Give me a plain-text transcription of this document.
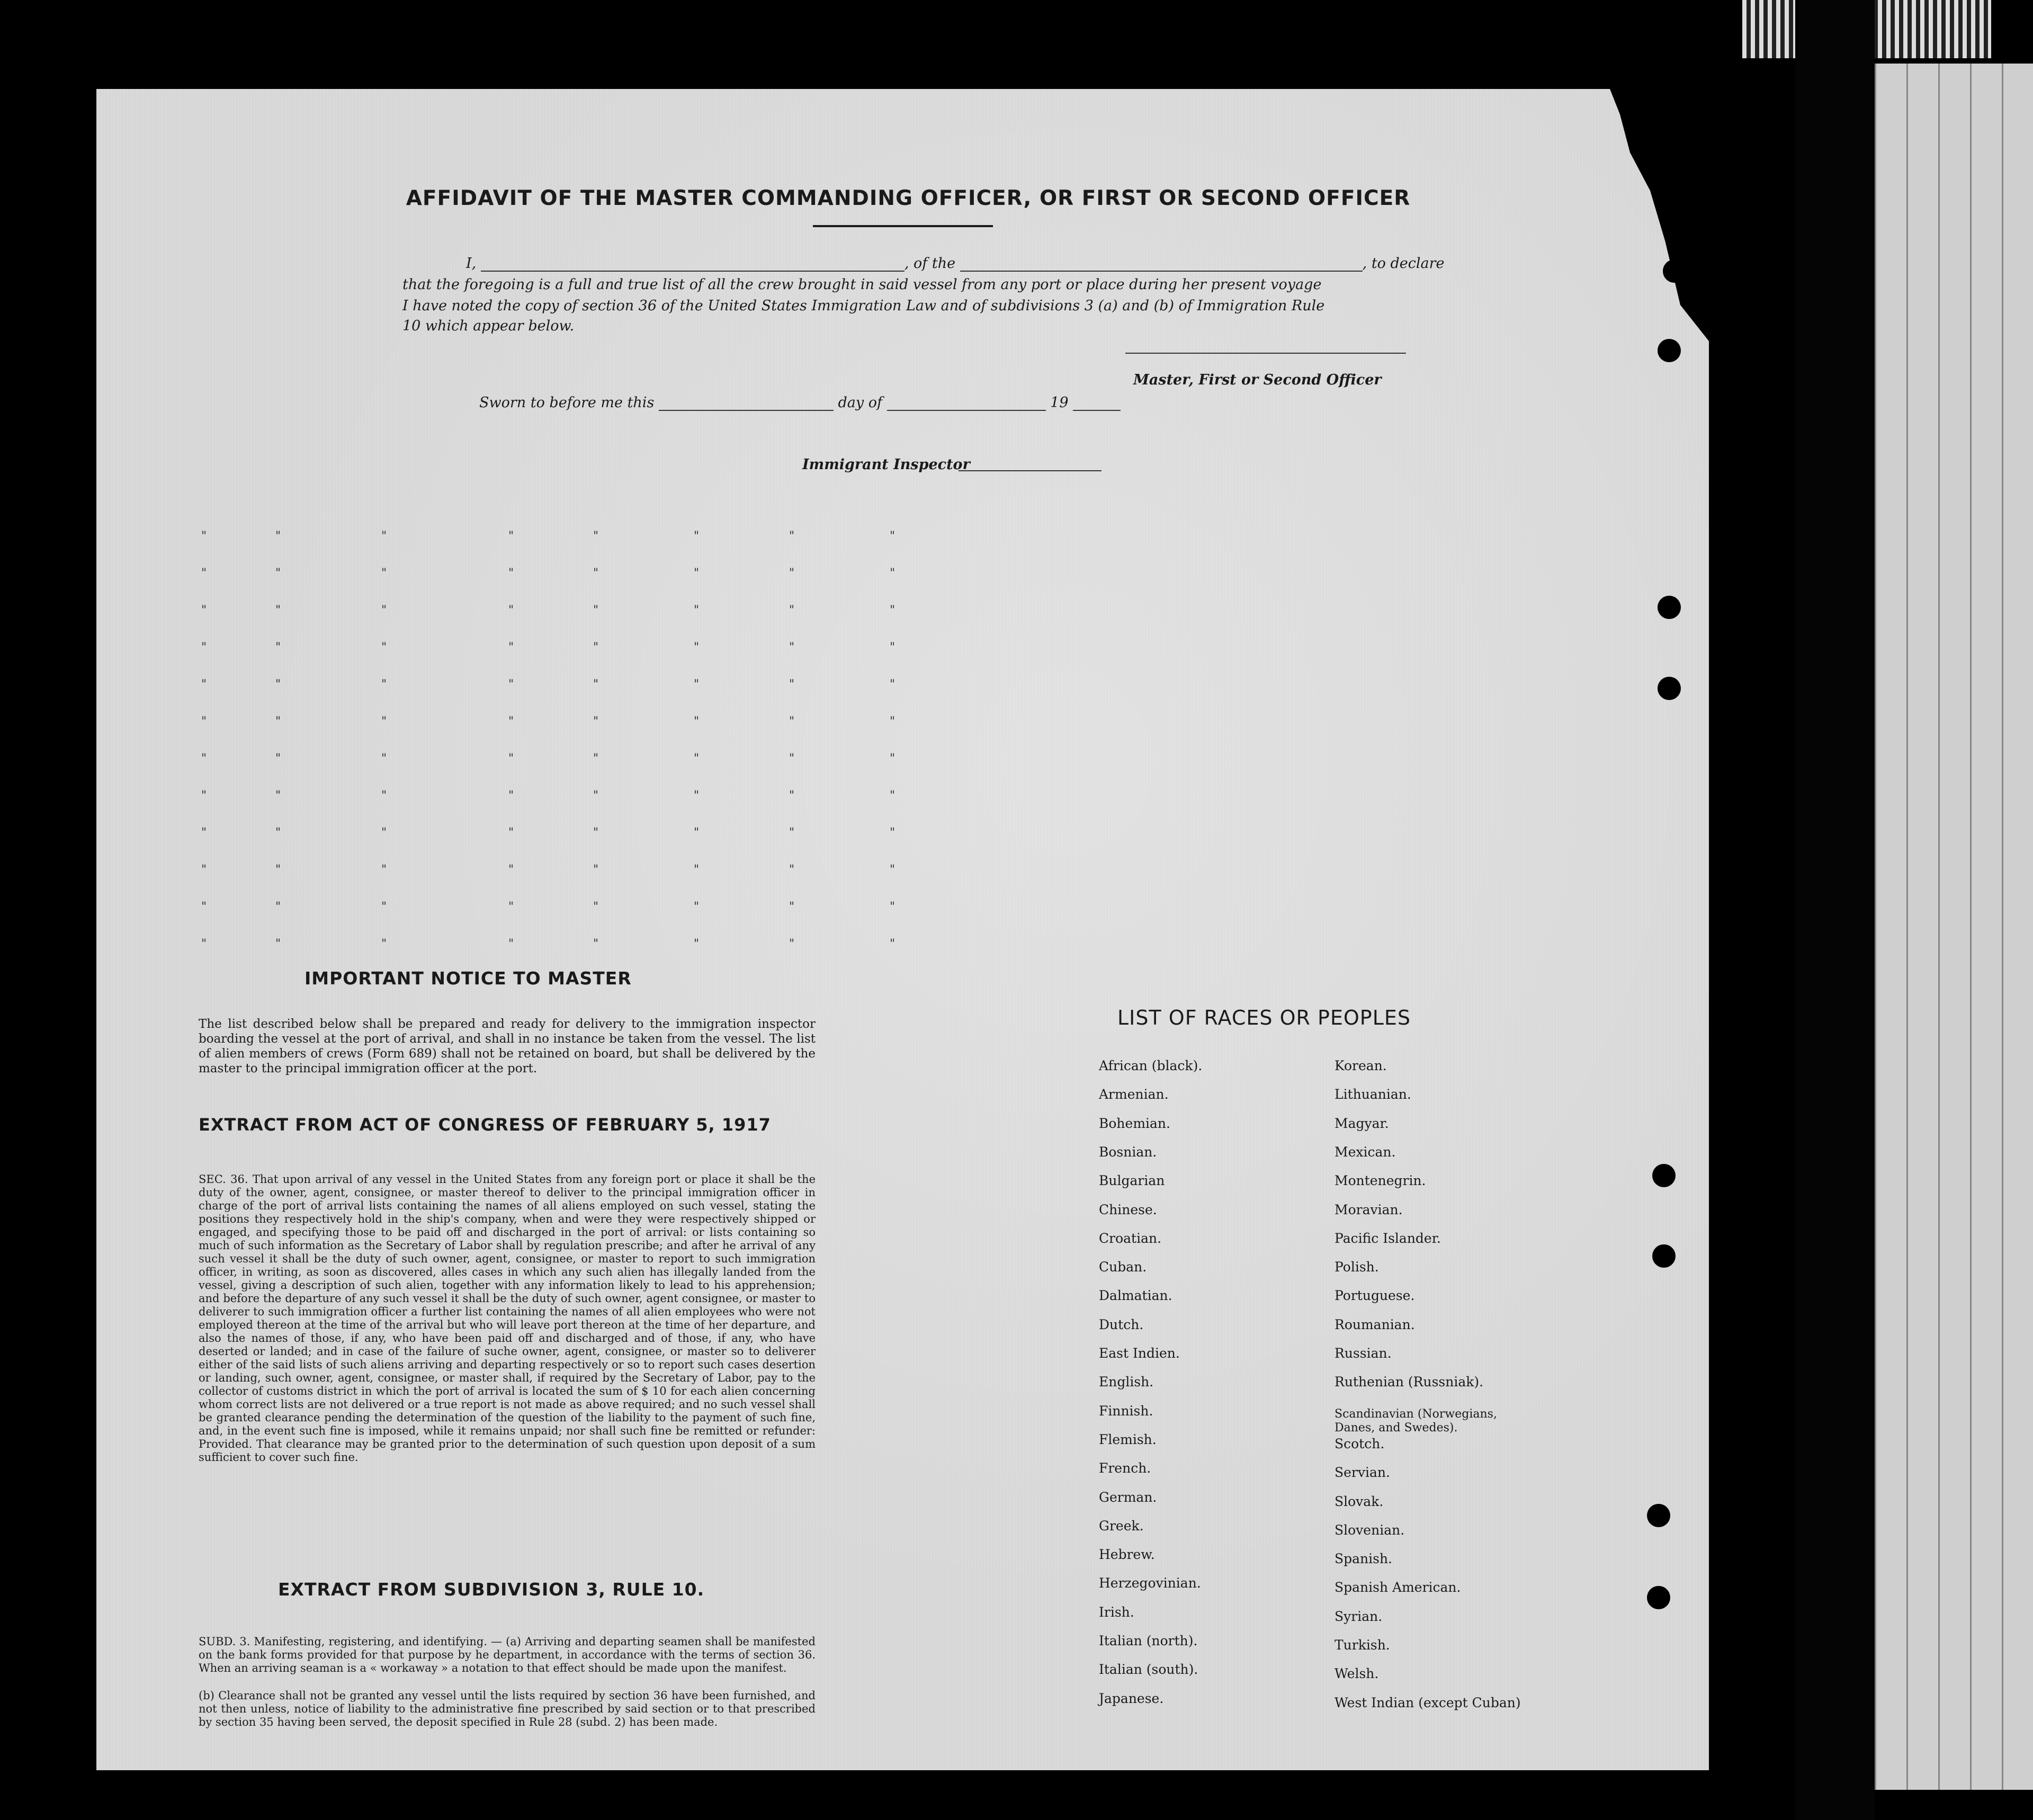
"	"	"	"	"	"	"	"
"	"	"	"	"	"	"	"
"	"	"	"	"	"	"	"
"	"	"	"	"	"	"	"
"	"	"	"	"	"	"	"
"	"	"	"	"	"	"	"
"	"	"	"	"	"	"	"
"	"	"	"	"	"	"	"
"	"	"	"	"	"	"	"
"	"	"	"	"	"	"	"
"	"	"	"	"	"	"	"
"	"	"	"	"	"	"	"
AFFIDAVIT OF THE MASTER COMMANDING OFFICER, OR FIRST OR SECOND OFFICER
I,	, of the	, to declare
that the foregoing is a full and true list of all the crew brought in said vessel from any port or place during her present voyage
I have noted the copy of section 36 of the United States Immigration Law and of subdivisions 3 (a) and (b) of Immigration Rule
10 which appear below.
Master, First or Second Officer
Sworn to before me this	day of	19
Immigrant Inspector
IMPORTANT NOTICE TO MASTER
The list described below shall be prepared and ready for delivery to the immigration inspector boarding the vessel at the port of arrival, and shall in no instance be taken from the vessel. The list of alien members of crews (Form 689) shall not be retained on board, but shall be delivered by the master to the principal immigration officer at the port.
EXTRACT FROM ACT OF CONGRESS OF FEBRUARY 5, 1917
SEC. 36. That upon arrival of any vessel in the United States from any foreign port or place it shall be the duty of the owner, agent, consignee, or master thereof to deliver to the principal immigration officer in charge of the port of arrival lists containing the names of all aliens employed on such vessel, stating the positions they respectively hold in the ship's company, when and were they were respectively shipped or engaged, and specifying those to be paid off and discharged in the port of arrival: or lists containing so much of such information as the Secretary of Labor shall by regulation prescribe; and after he arrival of any such vessel it shall be the duty of such owner, agent, consignee, or master to report to such immigration officer, in writing, as soon as discovered, alles cases in which any such alien has illegally landed from the vessel, giving a description of such alien, together with any information likely to lead to his apprehension; and before the departure of any such vessel it shall be the duty of such owner, agent consignee, or master to deliverer to such immigration officer a further list containing the names of all alien employees who were not employed thereon at the time of the arrival but who will leave port thereon at the time of her departure, and also the names of those, if any, who have been paid off and discharged and of those, if any, who have deserted or landed; and in case of the failure of suche owner, agent, consignee, or master so to deliverer either of the said lists of such aliens arriving and departing respectively or so to report such cases desertion or landing, such owner, agent, consignee, or master shall, if required by the Secretary of Labor, pay to the collector of customs district in which the port of arrival is located the sum of $ 10 for each alien concerning whom correct lists are not delivered or a true report is not made as above required; and no such vessel shall be granted clearance pending the determination of the question of the liability to the payment of such fine, and, in the event such fine is imposed, while it remains unpaid; nor shall such fine be remitted or refunder: Provided. That clearance may be granted prior to the determination of such question upon deposit of a sum sufficient to cover such fine.
EXTRACT FROM SUBDIVISION 3, RULE 10.
SUBD. 3. Manifesting, registering, and identifying. — (a) Arriving and departing seamen shall be manifested on the bank forms provided for that purpose by he department, in accordance with the terms of section 36. When an arriving seaman is a « workaway » a notation to that effect should be made upon the manifest.
(b) Clearance shall not be granted any vessel until the lists required by section 36 have been furnished, and not then unless, notice of liability to the administrative fine prescribed by said section or to that prescribed by section 35 having been served, the deposit specified in Rule 28 (subd. 2) has been made.
LIST OF RACES OR PEOPLES
African (black).
Armenian.
Bohemian.
Bosnian.
Bulgarian
Chinese.
Croatian.
Cuban.
Dalmatian.
Dutch.
East Indien.
English.
Finnish.
Flemish.
French.
German.
Greek.
Hebrew.
Herzegovinian.
Irish.
Italian (north).
Italian (south).
Japanese.
Korean.
Lithuanian.
Magyar.
Mexican.
Montenegrin.
Moravian.
Pacific Islander.
Polish.
Portuguese.
Roumanian.
Russian.
Ruthenian (Russniak).
Scandinavian (Norwegians, Danes, and Swedes).
Scotch.
Servian.
Slovak.
Slovenian.
Spanish.
Spanish American.
Syrian.
Turkish.
Welsh.
West Indian (except Cuban)
